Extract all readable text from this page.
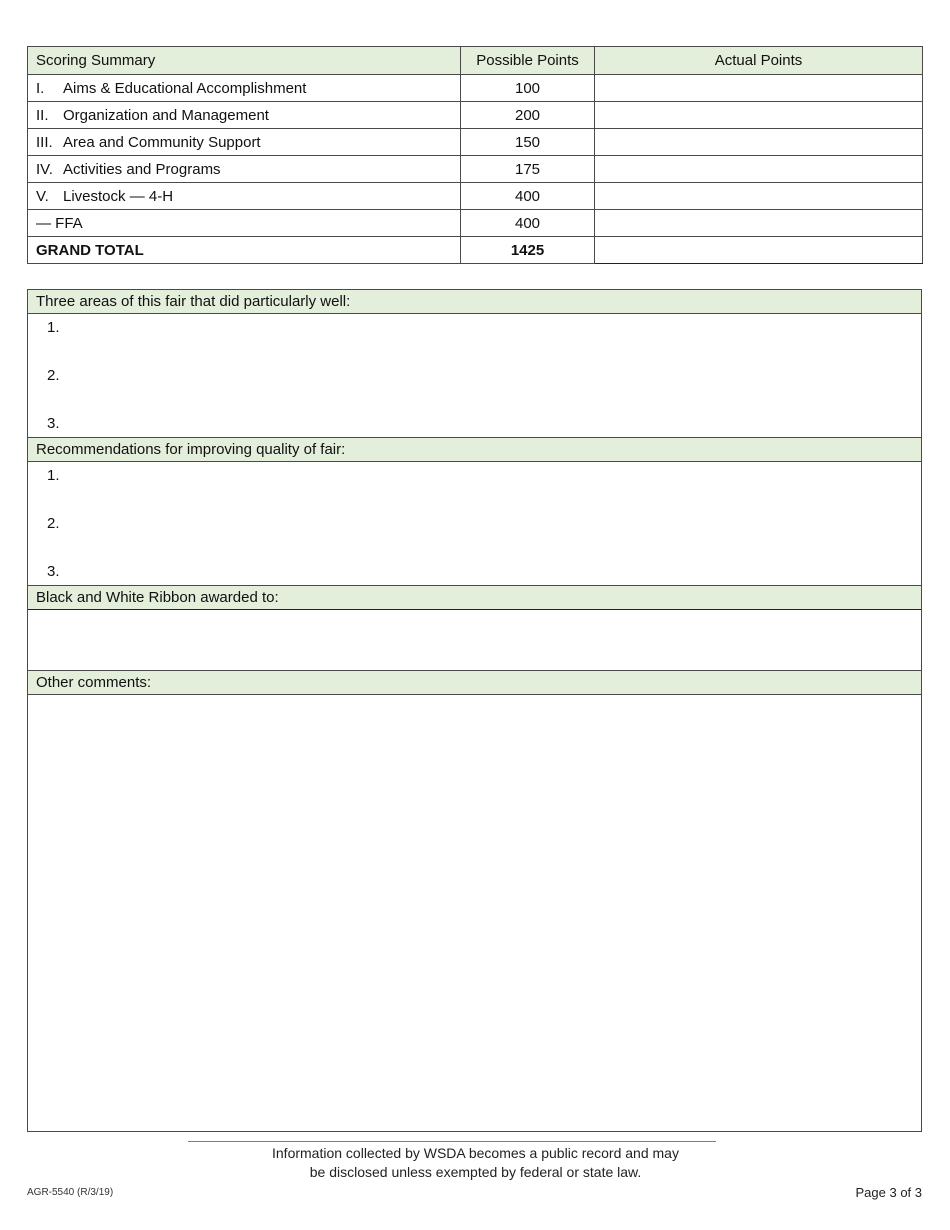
Scoring Summary	Possible Points	Actual Points
I. Aims & Educational Accomplishment	100	
II. Organization and Management	200	
III. Area and Community Support	150	
IV. Activities and Programs	175	
V. Livestock — 4-H	400	
— FFA	400	
GRAND TOTAL	1425	
Three areas of this fair that did particularly well:
1.
2.
3.
Recommendations for improving quality of fair:
1.
2.
3.
Black and White Ribbon awarded to:
Other comments:
Information collected by WSDA becomes a public record and may
be disclosed unless exempted by federal or state law.
AGR-5540 (R/3/19)	Page 3 of 3
